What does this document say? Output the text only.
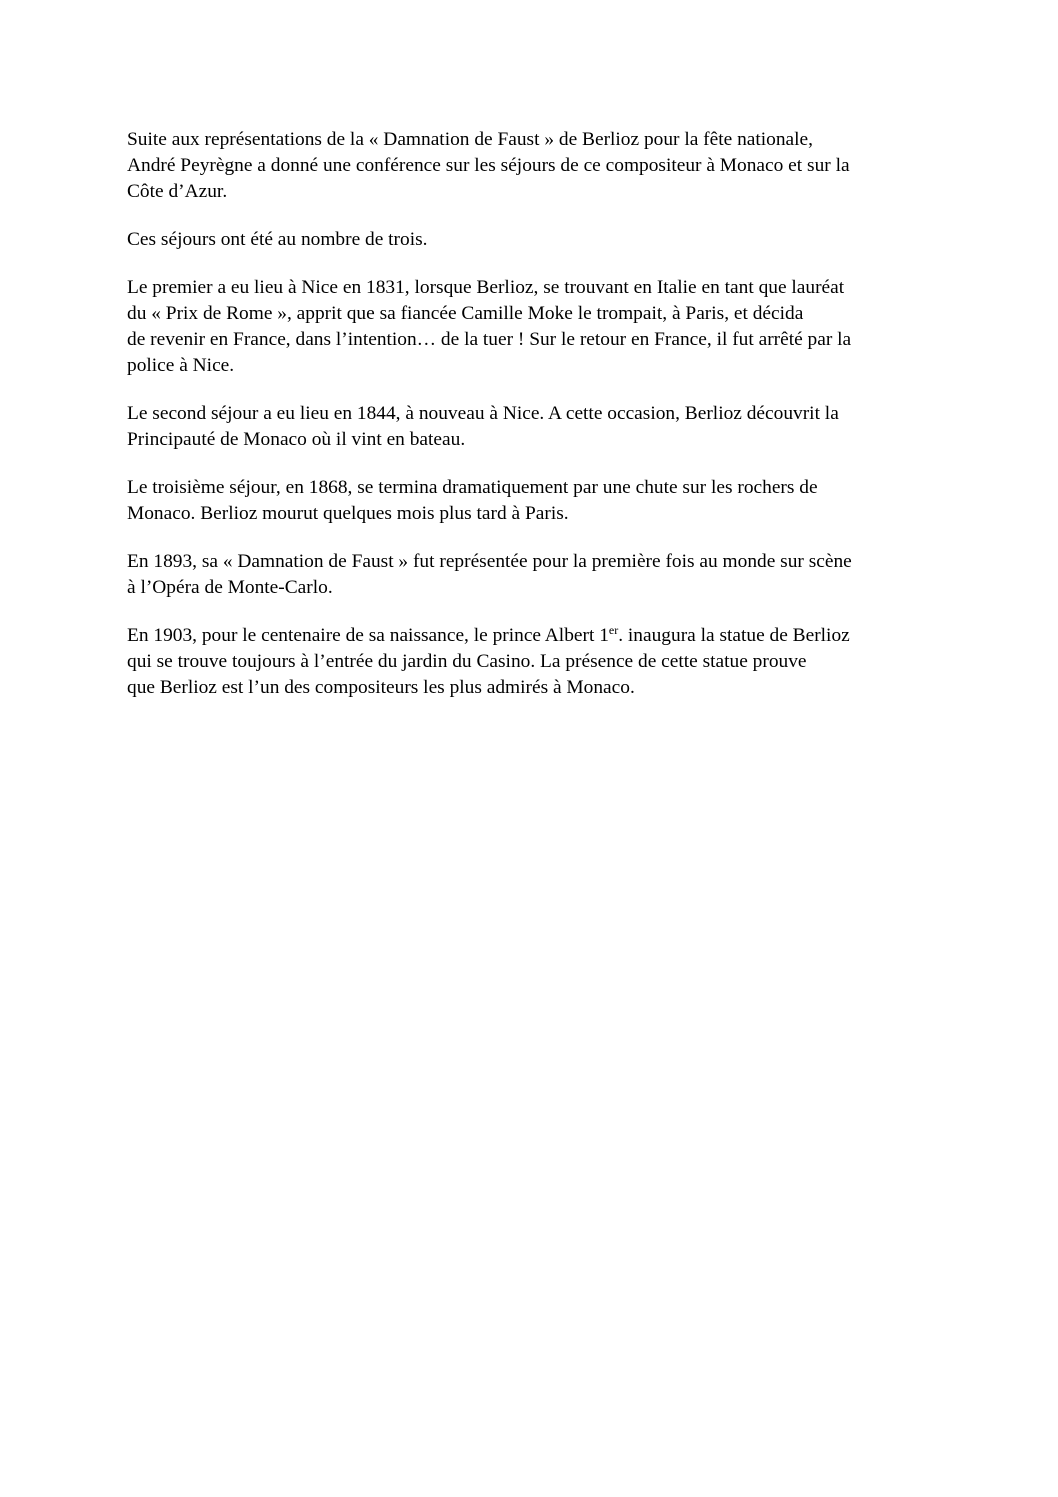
Suite aux représentations de la « Damnation de Faust » de Berlioz pour la fête nationale,
André Peyrègne a donné une conférence sur les séjours de ce compositeur à Monaco et sur la
Côte d’Azur.

Ces séjours ont été au nombre de trois.

Le premier a eu lieu à Nice en 1831, lorsque Berlioz, se trouvant en Italie en tant que lauréat
du « Prix de Rome », apprit que sa fiancée Camille Moke le trompait, à Paris, et décida
de revenir en France, dans l’intention… de la tuer ! Sur le retour en France, il fut arrêté par la
police à Nice.

Le second séjour a eu lieu en 1844, à nouveau à Nice. A cette occasion, Berlioz découvrit la
Principauté de Monaco où il vint en bateau.

Le troisième séjour, en 1868, se termina dramatiquement par une chute sur les rochers de
Monaco. Berlioz mourut quelques mois plus tard à Paris.

En 1893, sa « Damnation de Faust » fut représentée pour la première fois au monde sur scène
à l’Opéra de Monte-Carlo.

En 1903, pour le centenaire de sa naissance, le prince Albert 1er. inaugura la statue de Berlioz
qui se trouve toujours à l’entrée du jardin du Casino. La présence de cette statue prouve
que Berlioz est l’un des compositeurs les plus admirés à Monaco.
